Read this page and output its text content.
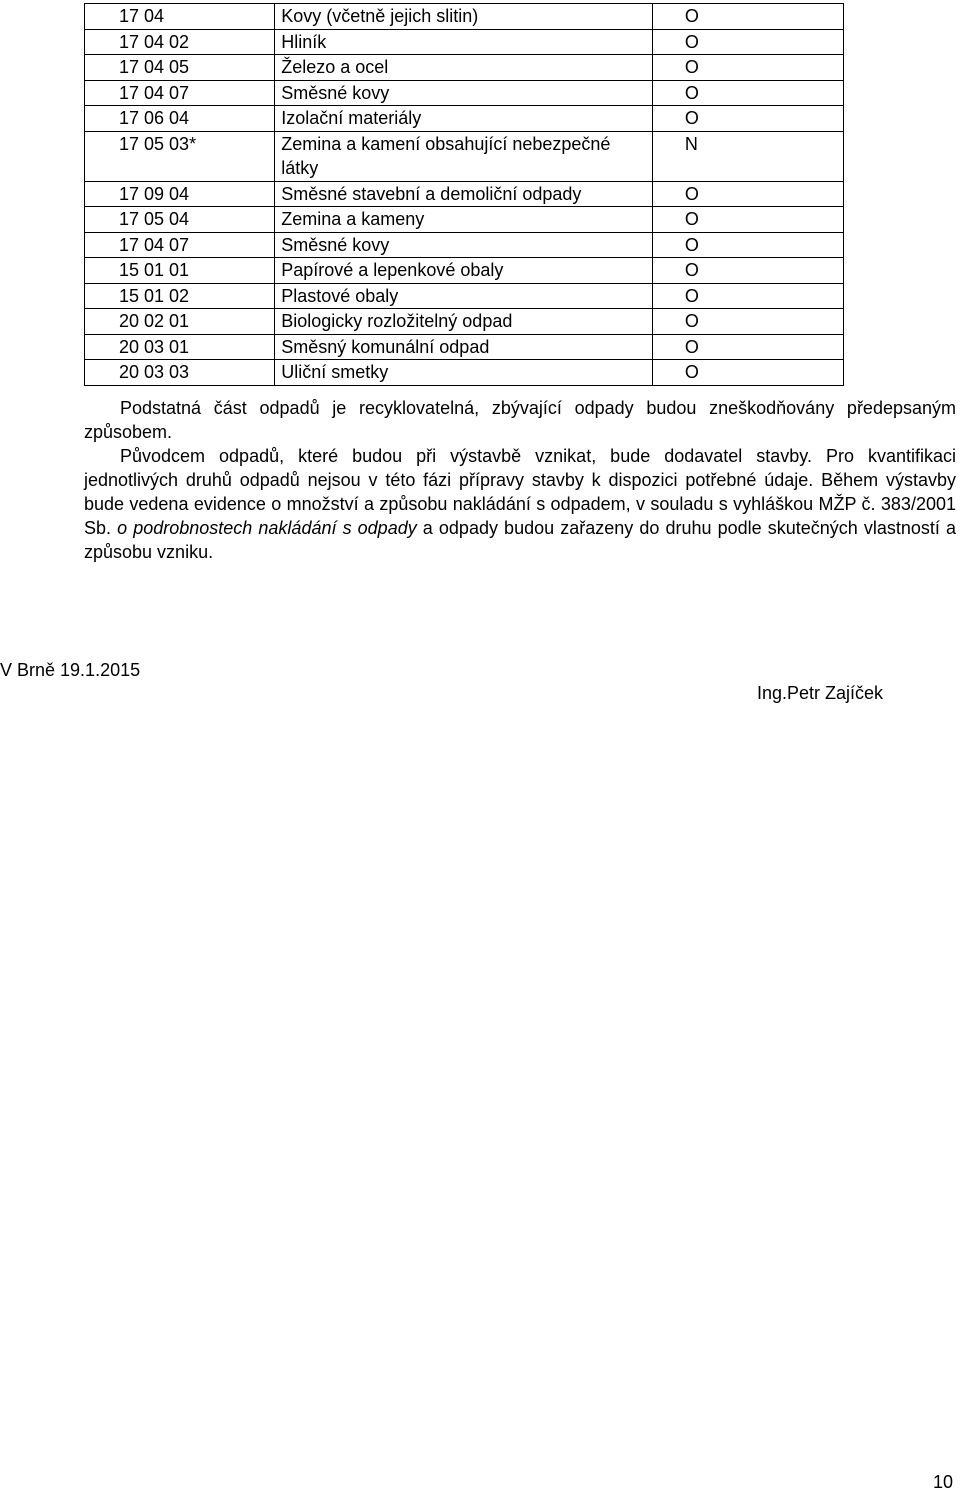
17 04	Kovy (včetně jejich slitin)	O
17 04 02	Hliník	O
17 04 05	Železo a ocel	O
17 04 07	Směsné kovy	O
17 06 04	Izolační materiály	O
17 05 03*	Zemina a kamení obsahující nebezpečné látky	N
17 09 04	Směsné stavební a demoliční odpady	O
17 05 04	Zemina a kameny	O
17 04 07	Směsné kovy	O
15 01 01	Papírové a lepenkové obaly	O
15 01 02	Plastové obaly	O
20 02 01	Biologicky rozložitelný odpad	O
20 03 01	Směsný komunální odpad	O
20 03 03	Uliční smetky	O

Podstatná část odpadů je recyklovatelná, zbývající odpady budou zneškodňovány předepsaným způsobem.

Původcem odpadů, které budou při výstavbě vznikat, bude dodavatel stavby. Pro kvantifikaci jednotlivých druhů odpadů nejsou v této fázi přípravy stavby k dispozici potřebné údaje. Během výstavby bude vedena evidence o množství a způsobu nakládání s odpadem, v souladu s vyhláškou MŽP č. 383/2001 Sb. o podrobnostech nakládání s odpady a odpady budou zařazeny do druhu podle skutečných vlastností a způsobu vzniku.

V Brně 19.1.2015
Ing.Petr Zajíček
10
